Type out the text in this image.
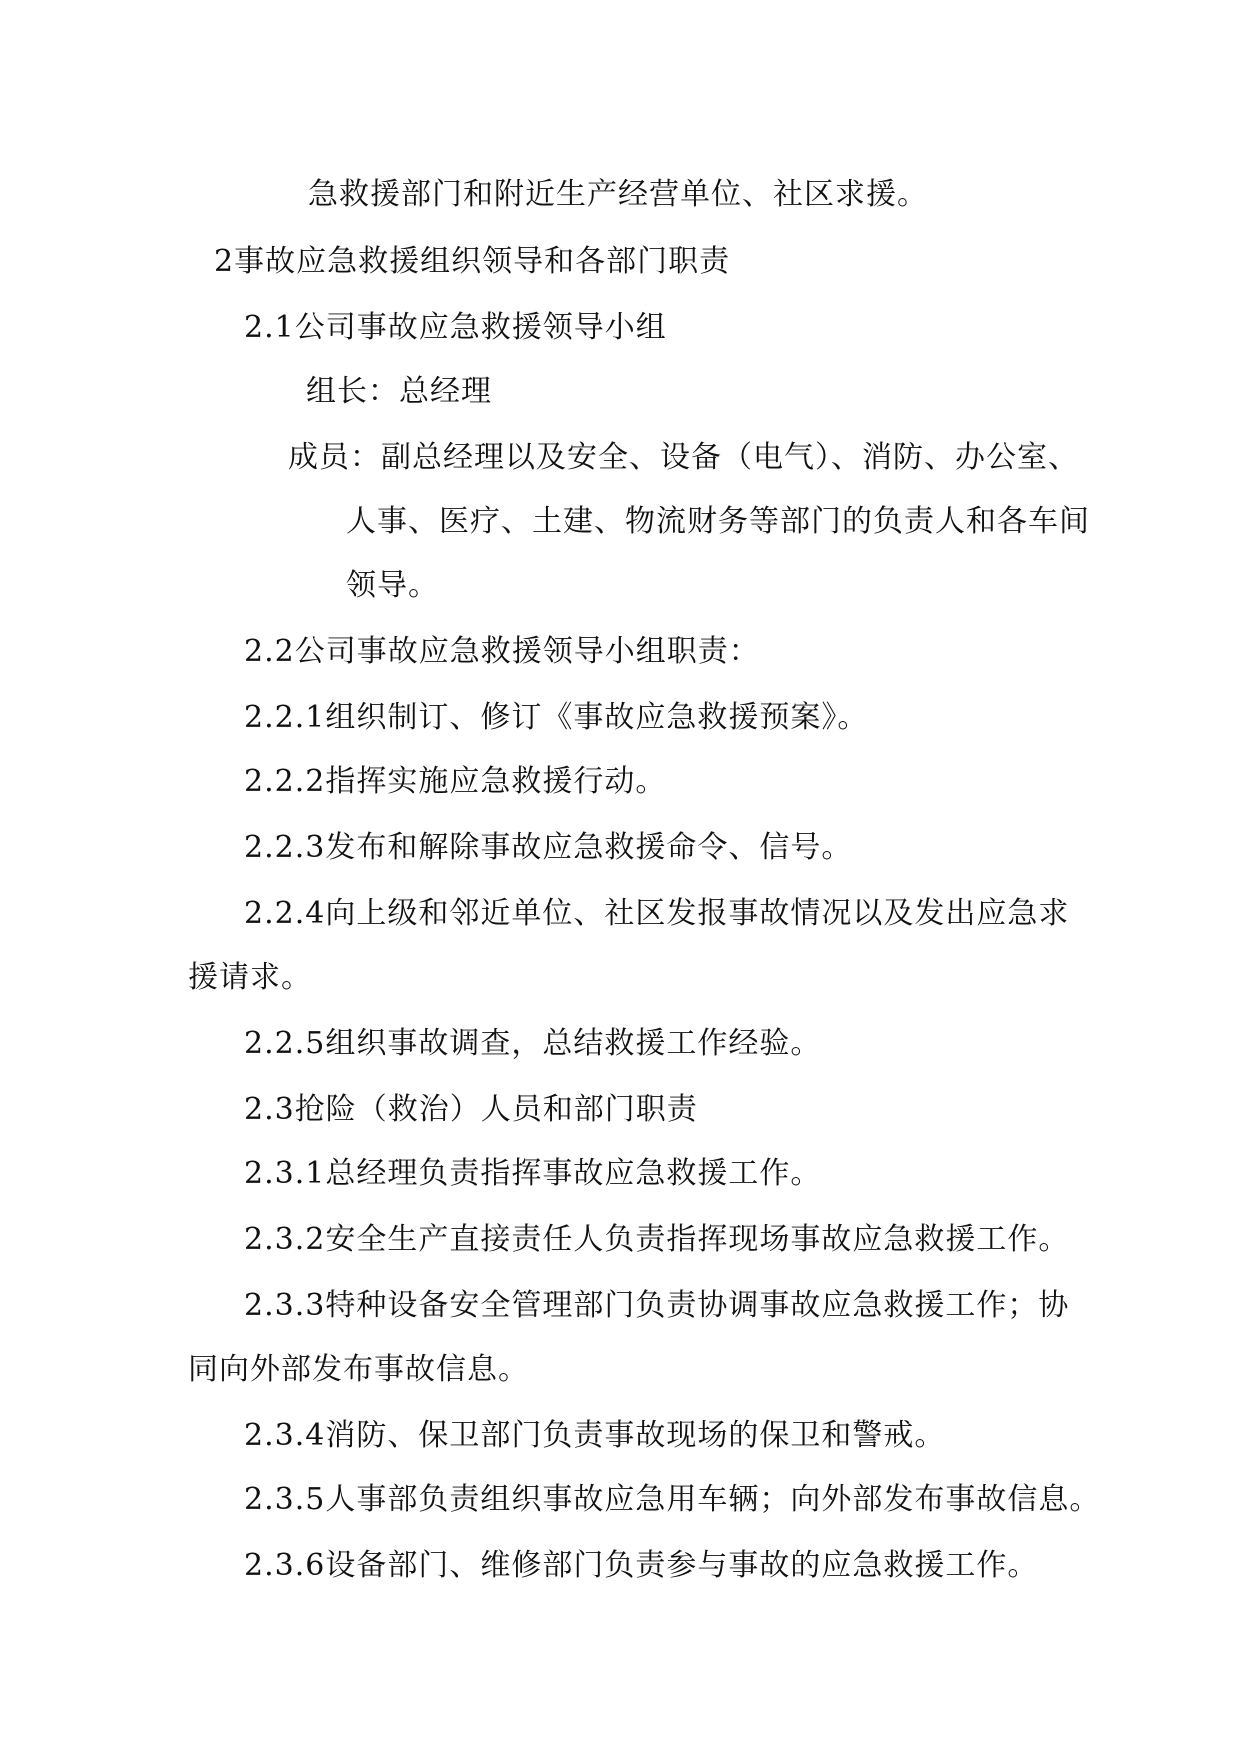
急救援部门和附近生产经营单位、社区求援。
2事故应急救援组织领导和各部门职责
2.1公司事故应急救援领导小组
组长：总经理
成员：副总经理以及安全、设备（电气）、消防、办公室、
人事、医疗、土建、物流财务等部门的负责人和各车间
领导。
2.2公司事故应急救援领导小组职责：
2.2.1组织制订、修订《事故应急救援预案》。
2.2.2指挥实施应急救援行动。
2.2.3发布和解除事故应急救援命令、信号。
2.2.4向上级和邻近单位、社区发报事故情况以及发出应急求
援请求。
2.2.5组织事故调查，总结救援工作经验。
2.3抢险（救治）人员和部门职责
2.3.1总经理负责指挥事故应急救援工作。
2.3.2安全生产直接责任人负责指挥现场事故应急救援工作。
2.3.3特种设备安全管理部门负责协调事故应急救援工作；协
同向外部发布事故信息。
2.3.4消防、保卫部门负责事故现场的保卫和警戒。
2.3.5人事部负责组织事故应急用车辆；向外部发布事故信息。
2.3.6设备部门、维修部门负责参与事故的应急救援工作。
